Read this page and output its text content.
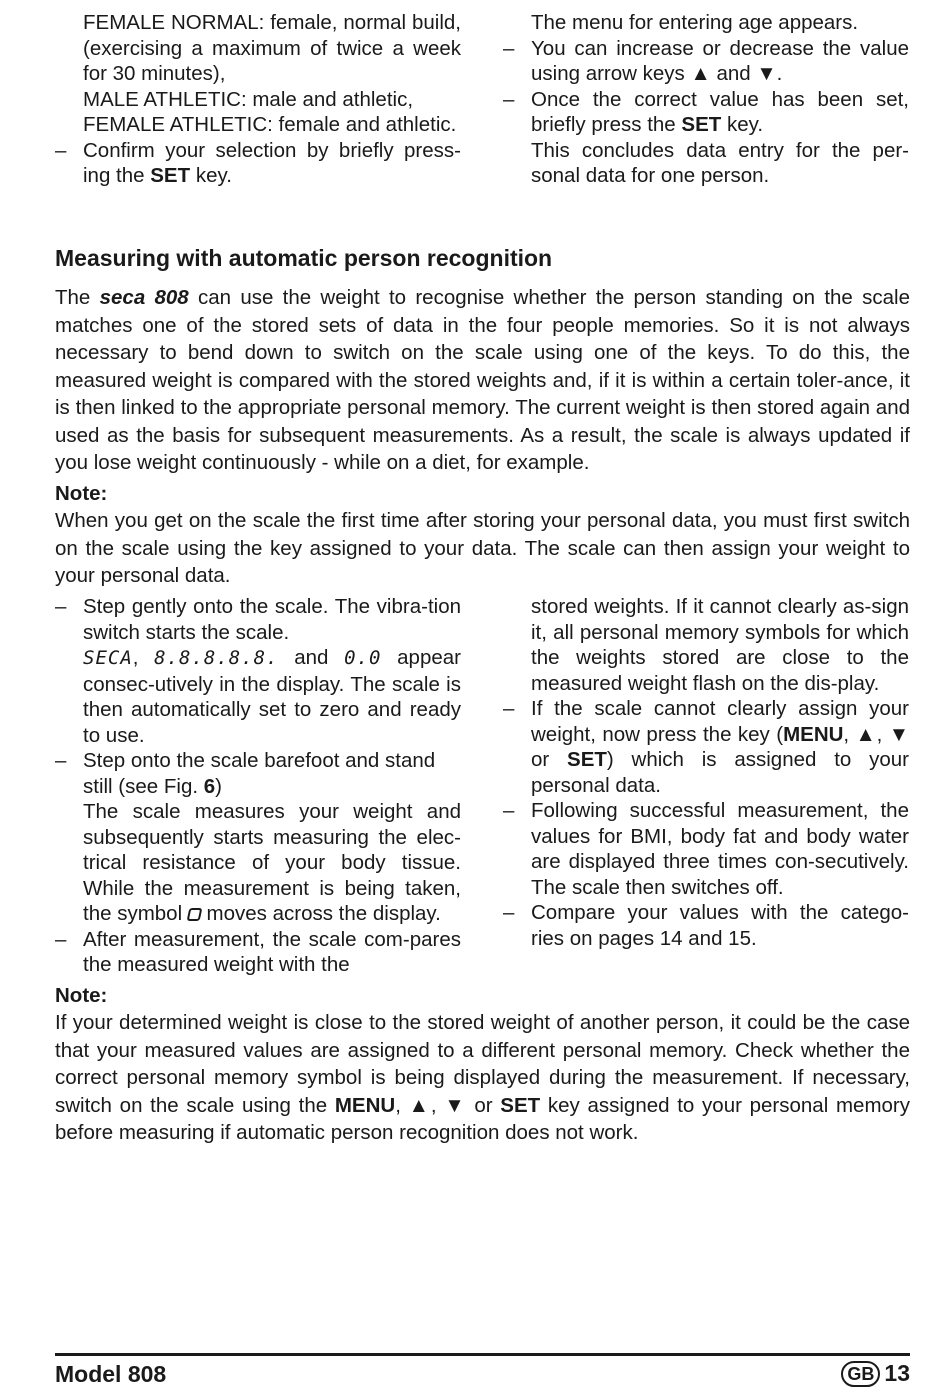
FEMALE NORMAL: female, normal build, (exercising a maximum of twice a week for 30 minutes),
MALE ATHLETIC: male and athletic,
FEMALE ATHLETIC: female and athletic.
– Confirm your selection by briefly press-ing the SET key.
The menu for entering age appears.
– You can increase or decrease the value using arrow keys ▲ and ▼.
– Once the correct value has been set, briefly press the SET key.
This concludes data entry for the per-sonal data for one person.
Measuring with automatic person recognition
The seca 808 can use the weight to recognise whether the person standing on the scale matches one of the stored sets of data in the four people memories. So it is not always necessary to bend down to switch on the scale using one of the keys. To do this, the measured weight is compared with the stored weights and, if it is within a certain toler-ance, it is then linked to the appropriate personal memory. The current weight is then stored again and used as the basis for subsequent measurements. As a result, the scale is always updated if you lose weight continuously - while on a diet, for example.
Note:
When you get on the scale the first time after storing your personal data, you must first switch on the scale using the key assigned to your data. The scale can then assign your weight to your personal data.
– Step gently onto the scale. The vibra-tion switch starts the scale.
SECA, 8.8.8.8.8. and 0.0 appear consec-utively in the display. The scale is then automatically set to zero and ready to use.
– Step onto the scale barefoot and stand still (see Fig. 6)
The scale measures your weight and subsequently starts measuring the elec-trical resistance of your body tissue. While the measurement is being taken, the symbol  moves across the display.
– After measurement, the scale com-pares the measured weight with the
stored weights. If it cannot clearly as-sign it, all personal memory symbols for which the weights stored are close to the measured weight flash on the dis-play.
– If the scale cannot clearly assign your weight, now press the key (MENU, ▲, ▼ or SET) which is assigned to your personal data.
– Following successful measurement, the values for BMI, body fat and body water are displayed three times con-secutively. The scale then switches off.
– Compare your values with the catego-ries on pages 14 and 15.
Note:
If your determined weight is close to the stored weight of another person, it could be the case that your measured values are assigned to a different personal memory. Check whether the correct personal memory symbol is being displayed during the measurement. If necessary, switch on the scale using the MENU, ▲, ▼ or SET key assigned to your personal memory before measuring if automatic person recognition does not work.
Model 808	GB 13
